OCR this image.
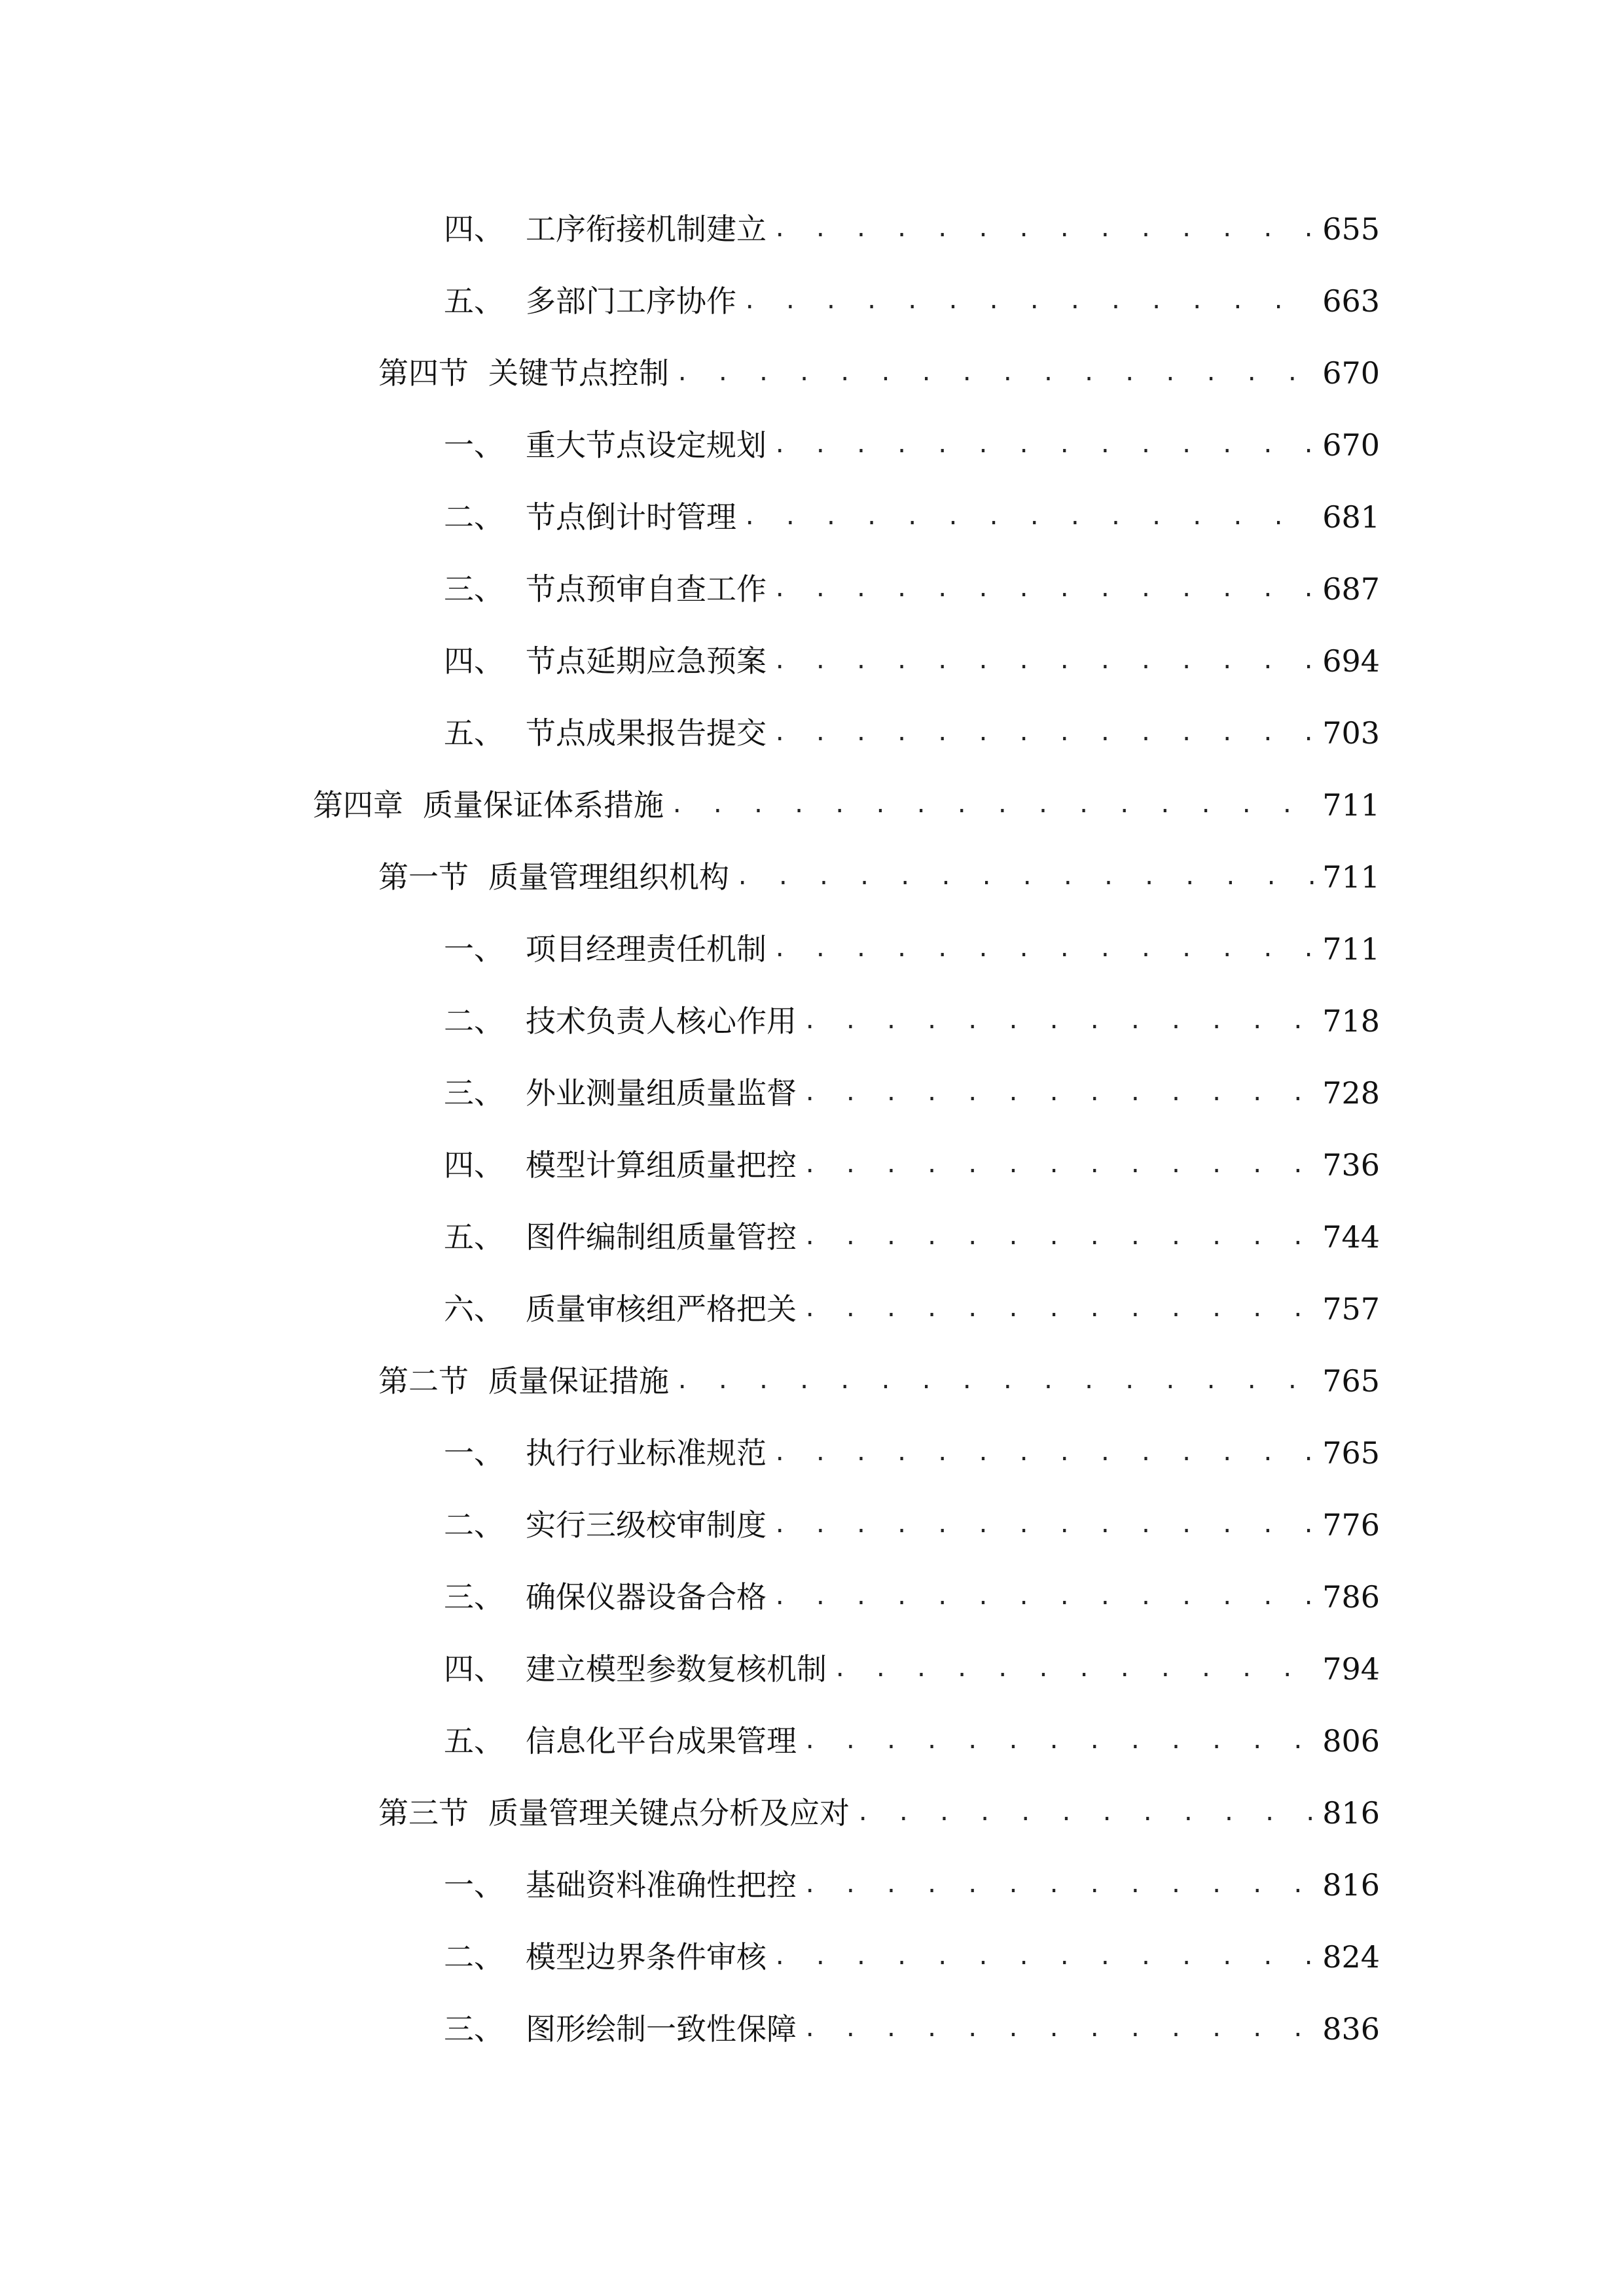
四、 工序衔接机制建立 . . .	655
五、 多部门工序协作 . . .	663
第四节 关键节点控制 . . .	670
一、 重大节点设定规划 . . .	670
二、 节点倒计时管理 . . .	681
三、 节点预审自查工作 . . .	687
四、 节点延期应急预案 . . .	694
五、 节点成果报告提交 . . .	703
第四章 质量保证体系措施 . . .	711
第一节 质量管理组织机构 . . .	711
一、 项目经理责任机制 . . .	711
二、 技术负责人核心作用 . . .	718
三、 外业测量组质量监督 . . .	728
四、 模型计算组质量把控 . . .	736
五、 图件编制组质量管控 . . .	744
六、 质量审核组严格把关 . . .	757
第二节 质量保证措施 . . .	765
一、 执行行业标准规范 . . .	765
二、 实行三级校审制度 . . .	776
三、 确保仪器设备合格 . . .	786
四、 建立模型参数复核机制 . . .	794
五、 信息化平台成果管理 . . .	806
第三节 质量管理关键点分析及应对 . . .	816
一、 基础资料准确性把控 . . .	816
二、 模型边界条件审核 . . .	824
三、 图形绘制一致性保障 . . .	836
